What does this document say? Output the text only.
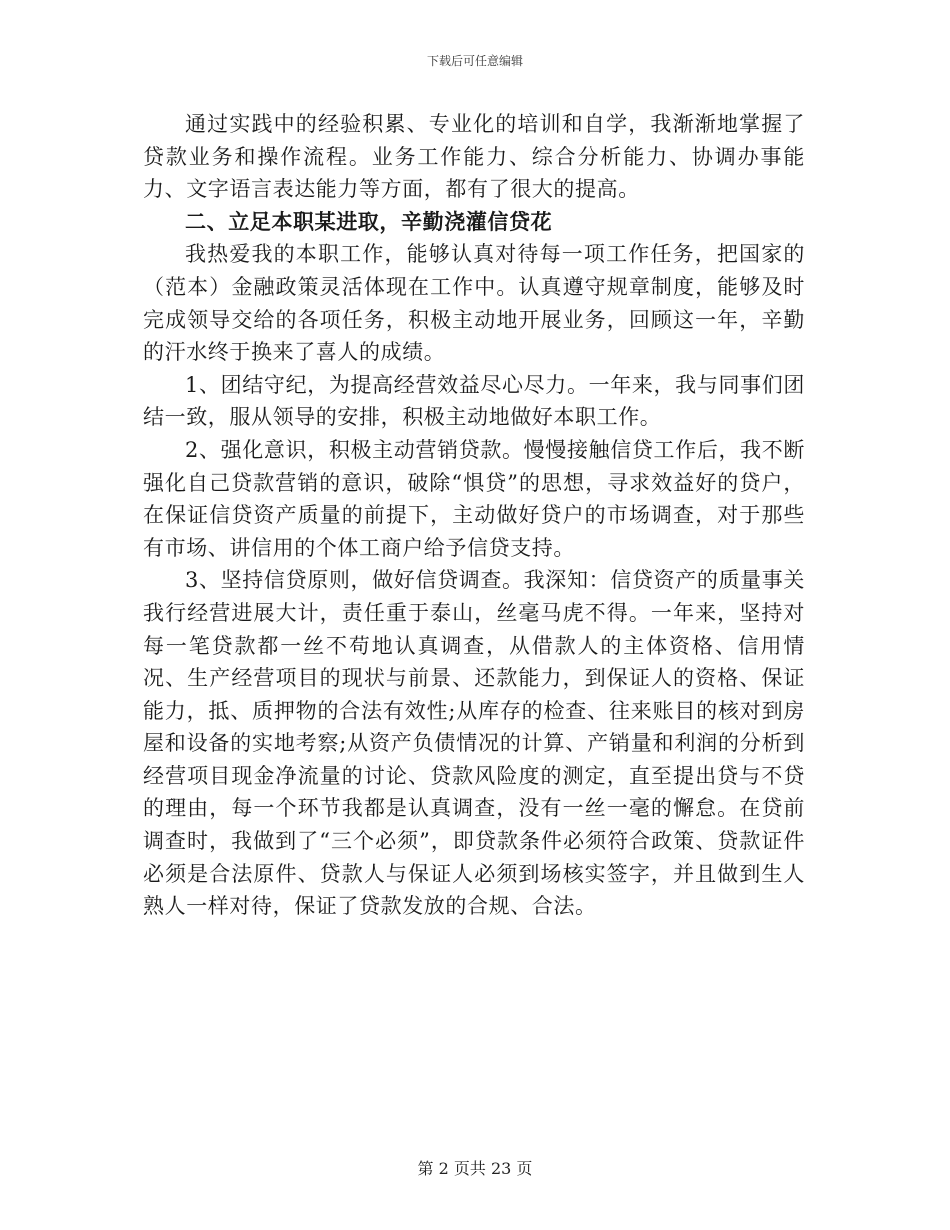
下载后可任意编辑

通过实践中的经验积累、专业化的培训和自学，我渐渐地掌握了贷款业务和操作流程。业务工作能力、综合分析能力、协调办事能力、文字语言表达能力等方面，都有了很大的提高。

二、立足本职某进取，辛勤浇灌信贷花

我热爱我的本职工作，能够认真对待每一项工作任务，把国家的（范本）金融政策灵活体现在工作中。认真遵守规章制度，能够及时完成领导交给的各项任务，积极主动地开展业务，回顾这一年，辛勤的汗水终于换来了喜人的成绩。

1、团结守纪，为提高经营效益尽心尽力。一年来，我与同事们团结一致，服从领导的安排，积极主动地做好本职工作。

2、强化意识，积极主动营销贷款。慢慢接触信贷工作后，我不断强化自己贷款营销的意识，破除“惧贷”的思想，寻求效益好的贷户，在保证信贷资产质量的前提下，主动做好贷户的市场调查，对于那些有市场、讲信用的个体工商户给予信贷支持。

3、坚持信贷原则，做好信贷调查。我深知：信贷资产的质量事关我行经营进展大计，责任重于泰山，丝毫马虎不得。一年来，坚持对每一笔贷款都一丝不苟地认真调查，从借款人的主体资格、信用情况、生产经营项目的现状与前景、还款能力，到保证人的资格、保证能力，抵、质押物的合法有效性;从库存的检查、往来账目的核对到房屋和设备的实地考察;从资产负债情况的计算、产销量和利润的分析到经营项目现金净流量的讨论、贷款风险度的测定，直至提出贷与不贷的理由，每一个环节我都是认真调查，没有一丝一毫的懈怠。在贷前调查时，我做到了“三个必须”，即贷款条件必须符合政策、贷款证件必须是合法原件、贷款人与保证人必须到场核实签字，并且做到生人熟人一样对待，保证了贷款发放的合规、合法。

第 2 页共 23 页
